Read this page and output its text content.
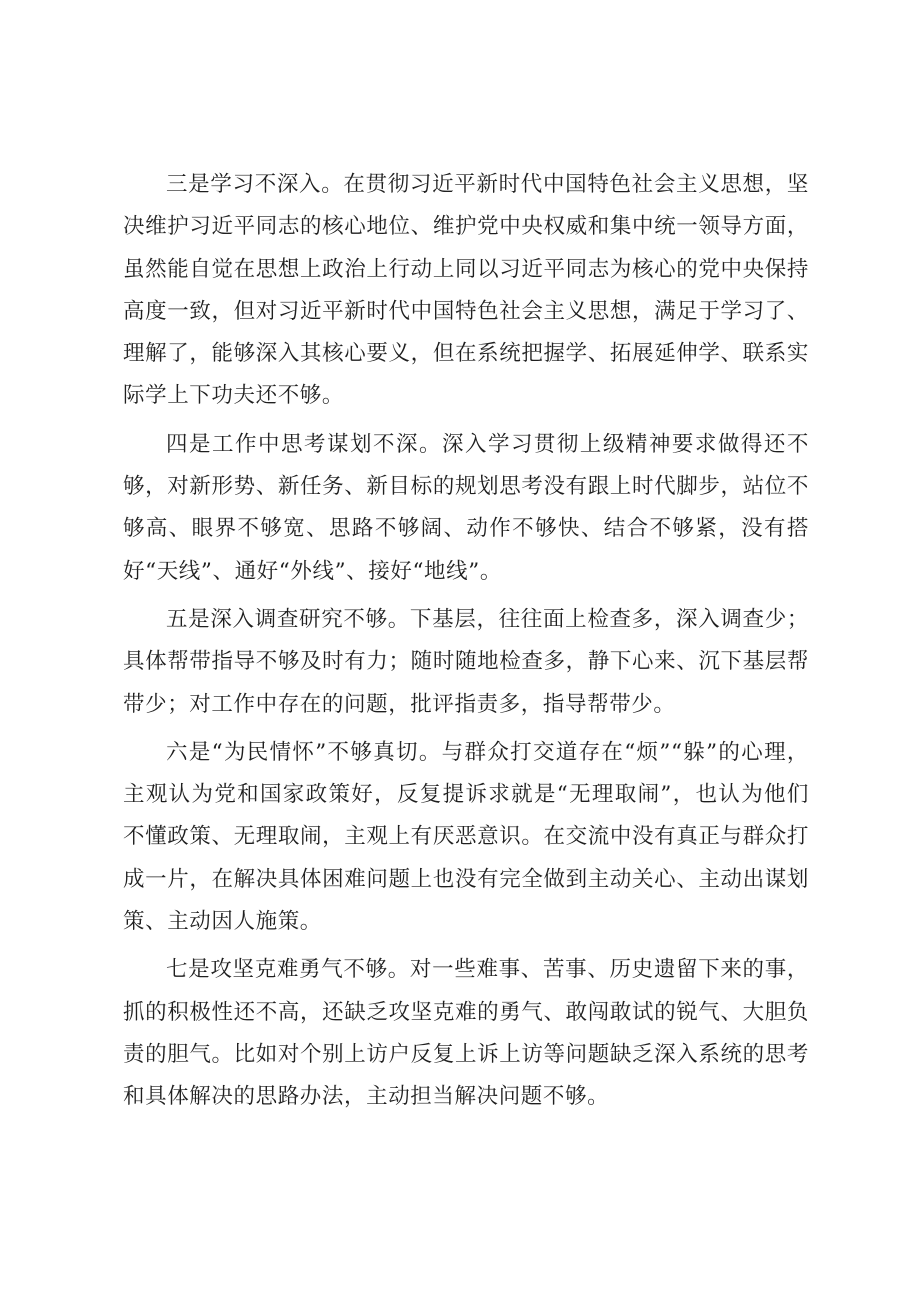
三是学习不深入。在贯彻习近平新时代中国特色社会主义思想，坚决维护习近平同志的核心地位、维护党中央权威和集中统一领导方面，虽然能自觉在思想上政治上行动上同以习近平同志为核心的党中央保持高度一致，但对习近平新时代中国特色社会主义思想，满足于学习了、理解了，能够深入其核心要义，但在系统把握学、拓展延伸学、联系实际学上下功夫还不够。

四是工作中思考谋划不深。深入学习贯彻上级精神要求做得还不够，对新形势、新任务、新目标的规划思考没有跟上时代脚步，站位不够高、眼界不够宽、思路不够阔、动作不够快、结合不够紧，没有搭好“天线”、通好“外线”、接好“地线”。

五是深入调查研究不够。下基层，往往面上检查多，深入调查少；具体帮带指导不够及时有力；随时随地检查多，静下心来、沉下基层帮带少；对工作中存在的问题，批评指责多，指导帮带少。

六是“为民情怀”不够真切。与群众打交道存在“烦”“躲”的心理，主观认为党和国家政策好，反复提诉求就是“无理取闹”，也认为他们不懂政策、无理取闹，主观上有厌恶意识。在交流中没有真正与群众打成一片，在解决具体困难问题上也没有完全做到主动关心、主动出谋划策、主动因人施策。

七是攻坚克难勇气不够。对一些难事、苦事、历史遗留下来的事，抓的积极性还不高，还缺乏攻坚克难的勇气、敢闯敢试的锐气、大胆负责的胆气。比如对个别上访户反复上诉上访等问题缺乏深入系统的思考和具体解决的思路办法，主动担当解决问题不够。
